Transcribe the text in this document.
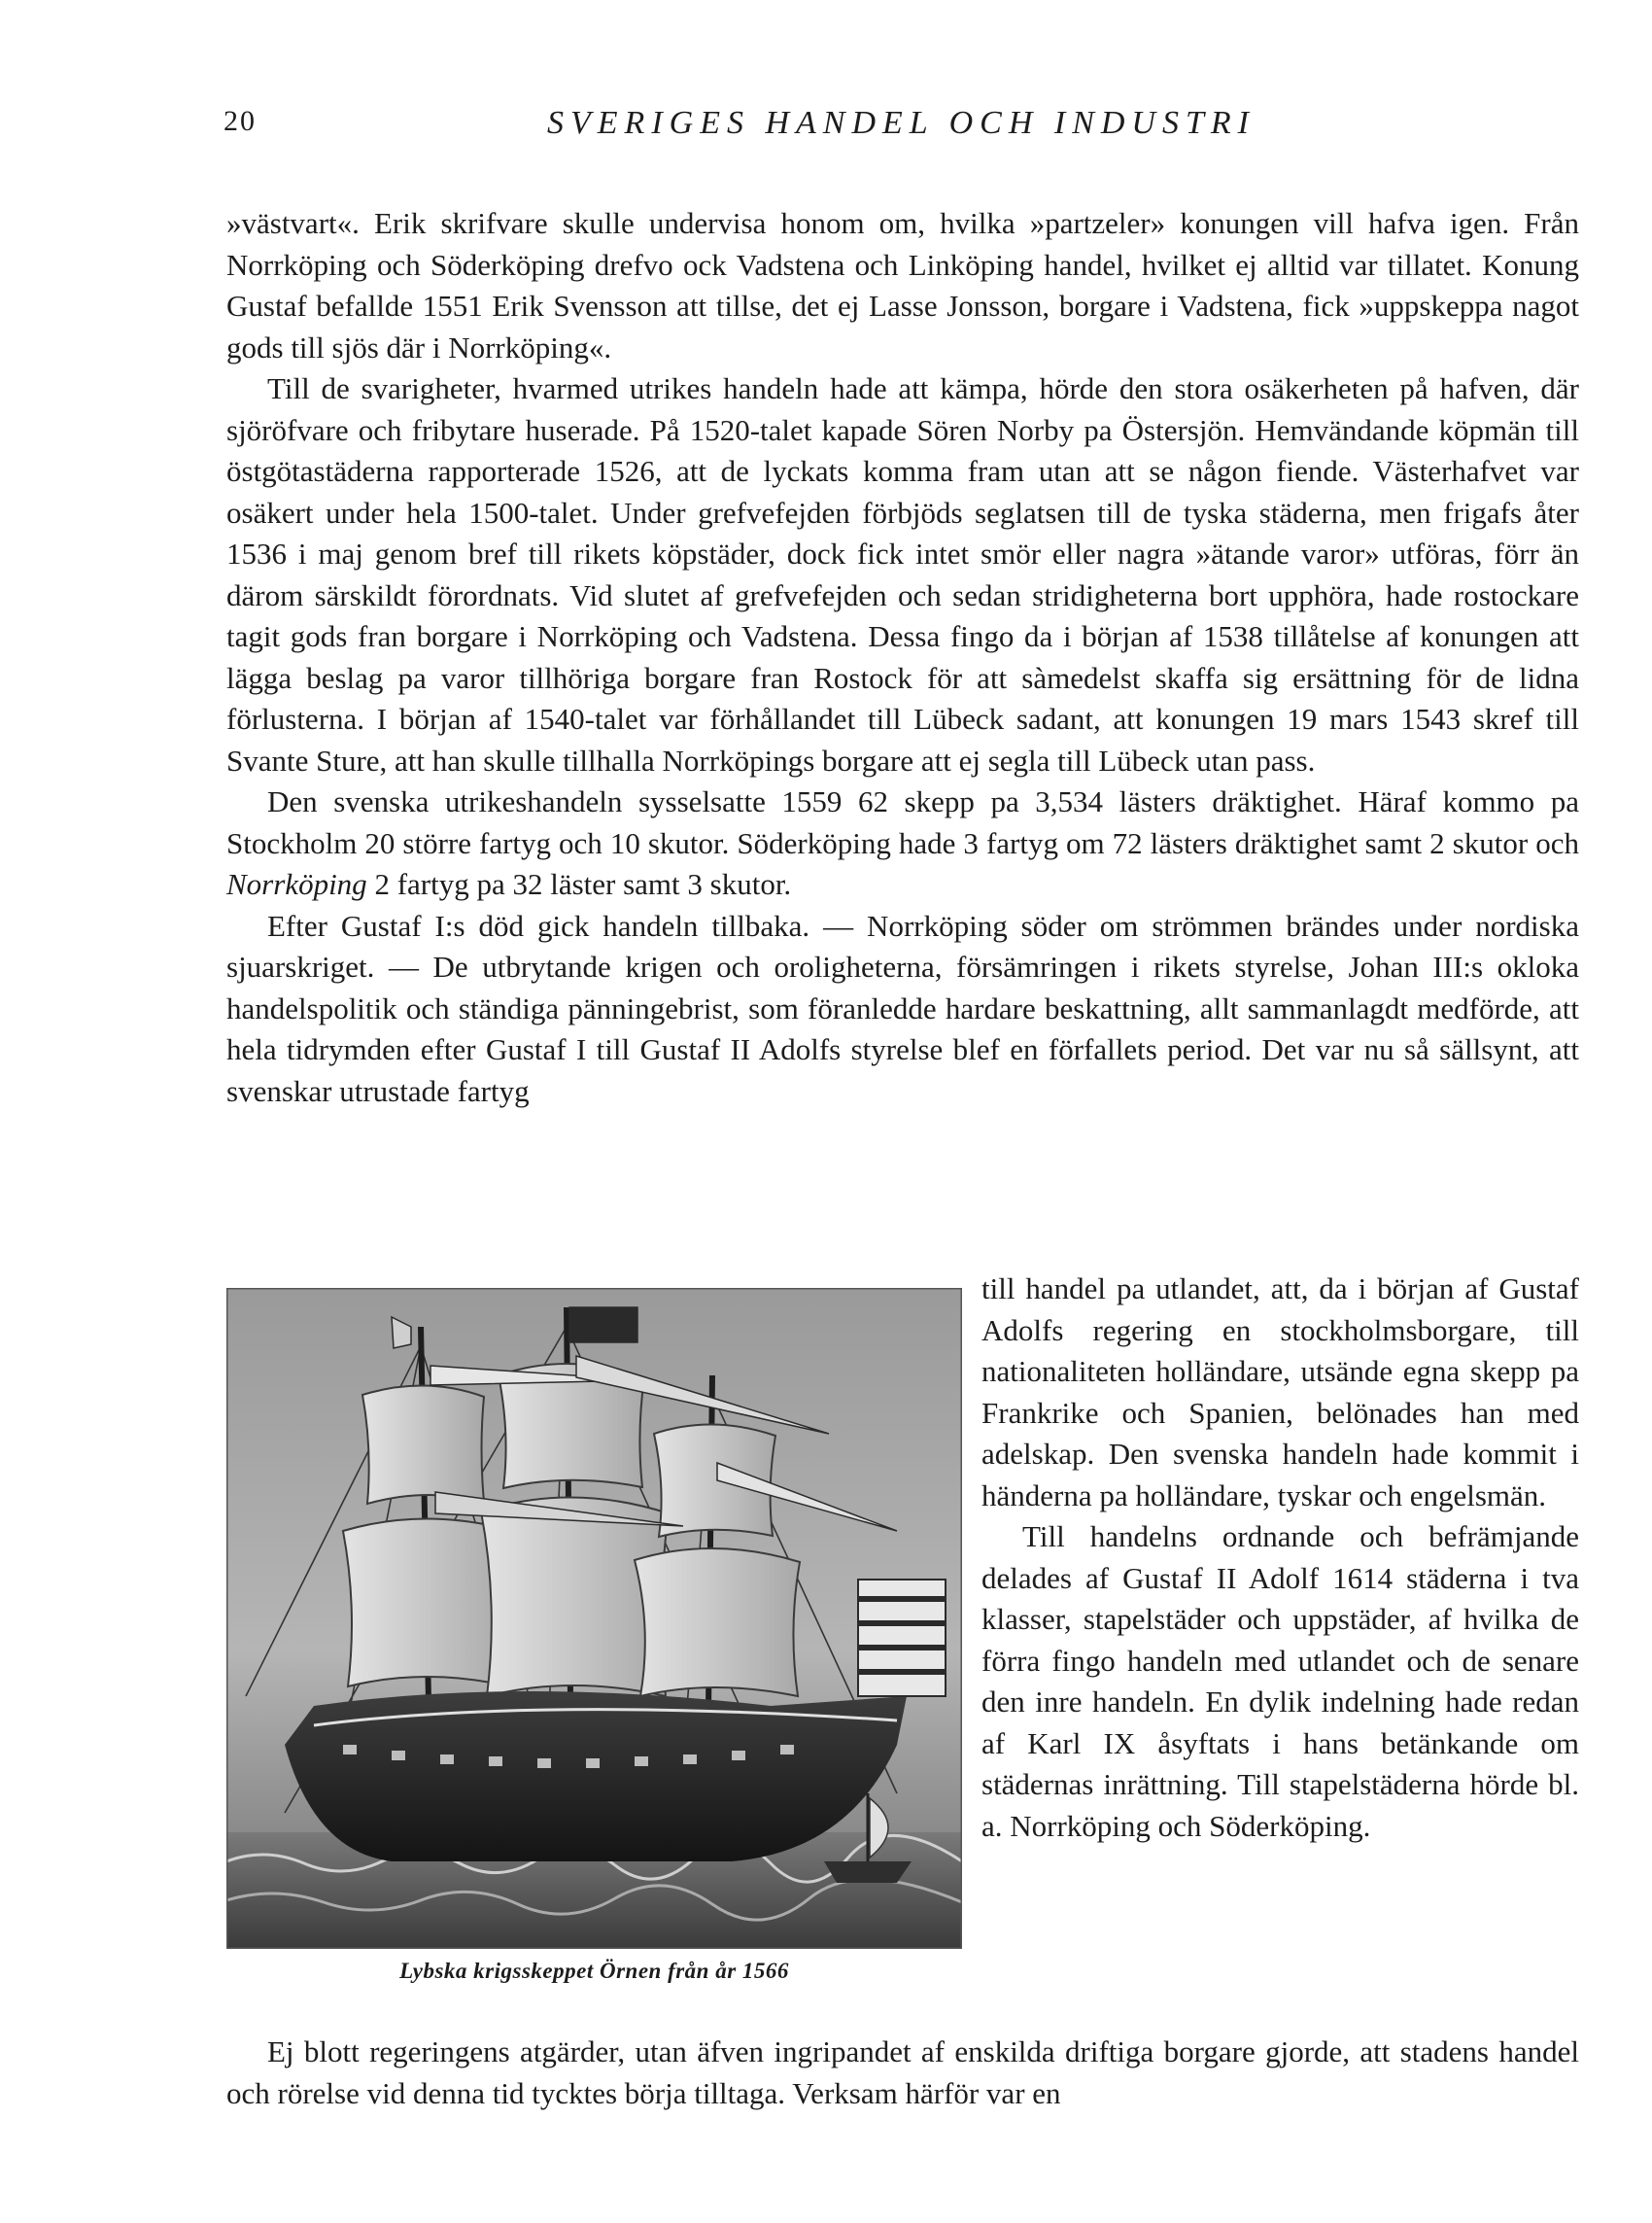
20	SVERIGES HANDEL OCH INDUSTRI

»västvart«. Erik skrifvare skulle undervisa honom om, hvilka »partzeler» konungen vill hafva igen. Från Norrköping och Söderköping drefvo ock Vadstena och Linköping handel, hvilket ej alltid var tillatet. Konung Gustaf befallde 1551 Erik Svensson att tillse, det ej Lasse Jonsson, borgare i Vadstena, fick »uppskeppa nagot gods till sjös där i Norrköping«.

Till de svarigheter, hvarmed utrikes handeln hade att kämpa, hörde den stora osäkerheten på hafven, där sjöröfvare och fribytare huserade. På 1520-talet kapade Sören Norby pa Östersjön. Hemvändande köpmän till östgötastäderna rapporterade 1526, att de lyckats komma fram utan att se någon fiende. Västerhafvet var osäkert under hela 1500-talet. Under grefvefejden förbjöds seglatsen till de tyska städerna, men frigafs åter 1536 i maj genom bref till rikets köpstäder, dock fick intet smör eller nagra »ätande varor» utföras, förr än därom särskildt förordnats. Vid slutet af grefvefejden och sedan stridigheterna bort upphöra, hade rostockare tagit gods fran borgare i Norrköping och Vadstena. Dessa fingo da i början af 1538 tillåtelse af konungen att lägga beslag pa varor tillhöriga borgare fran Rostock för att sàmedelst skaffa sig ersättning för de lidna förlusterna. I början af 1540-talet var förhållandet till Lübeck sadant, att konungen 19 mars 1543 skref till Svante Sture, att han skulle tillhalla Norrköpings borgare att ej segla till Lübeck utan pass.

Den svenska utrikeshandeln sysselsatte 1559 62 skepp pa 3,534 lästers dräktighet. Häraf kommo pa Stockholm 20 större fartyg och 10 skutor. Söderköping hade 3 fartyg om 72 lästers dräktighet samt 2 skutor och Norrköping 2 fartyg pa 32 läster samt 3 skutor.

Efter Gustaf I:s död gick handeln tillbaka. — Norrköping söder om strömmen brändes under nordiska sjuarskriget. — De utbrytande krigen och oroligheterna, försämringen i rikets styrelse, Johan III:s okloka handelspolitik och ständiga pänningebrist, som föranledde hardare beskattning, allt sammanlagdt medförde, att hela tidrymden efter Gustaf I till Gustaf II Adolfs styrelse blef en förfallets period. Det var nu så sällsynt, att svenskar utrustade fartyg

Lybska krigsskeppet Örnen från år 1566

till handel pa utlandet, att, da i början af Gustaf Adolfs regering en stockholmsborgare, till nationaliteten holländare, utsände egna skepp pa Frankrike och Spanien, belönades han med adelskap. Den svenska handeln hade kommit i händerna pa holländare, tyskar och engelsmän.

Till handelns ordnande och befrämjande delades af Gustaf II Adolf 1614 städerna i tva klasser, stapelstäder och uppstäder, af hvilka de förra fingo handeln med utlandet och de senare den inre handeln. En dylik indelning hade redan af Karl IX åsyftats i hans betänkande om städernas inrättning. Till stapelstäderna hörde bl. a. Norrköping och Söderköping.

Ej blott regeringens atgärder, utan äfven ingripandet af enskilda driftiga borgare gjorde, att stadens handel och rörelse vid denna tid tycktes börja tilltaga. Verksam härför var en
